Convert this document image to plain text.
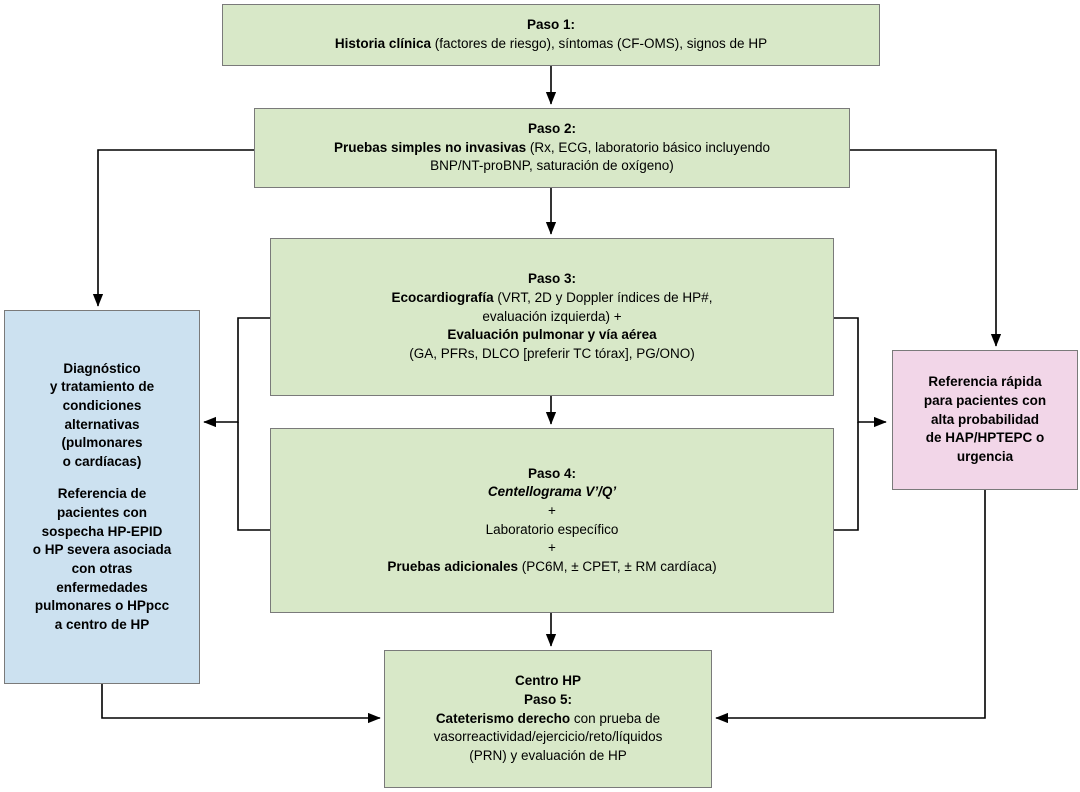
Paso 1:
Historia clínica (factores de riesgo), síntomas (CF-OMS), signos de HP
Paso 2:
Pruebas simples no invasivas (Rx, ECG, laboratorio básico incluyendo
BNP/NT-proBNP, saturación de oxígeno)
Paso 3:
Ecocardiografía (VRT, 2D y Doppler índices de HP#,
evaluación izquierda) +
Evaluación pulmonar y vía aérea
(GA, PFRs, DLCO [preferir TC tórax], PG/ONO)
Paso 4:
Centellograma V’/Q’
+
Laboratorio específico
+
Pruebas adicionales (PC6M, ± CPET, ± RM cardíaca)
Centro HP
Paso 5:
Cateterismo derecho con prueba de
vasorreactividad/ejercicio/reto/líquidos
(PRN) y evaluación de HP
Diagnóstico
y tratamiento de
condiciones
alternativas
(pulmonares
o cardíacas)
Referencia de
pacientes con
sospecha HP-EPID
o HP severa asociada
con otras
enfermedades
pulmonares o HPpcc
a centro de HP
Referencia rápida
para pacientes con
alta probabilidad
de HAP/HPTEPC o
urgencia
